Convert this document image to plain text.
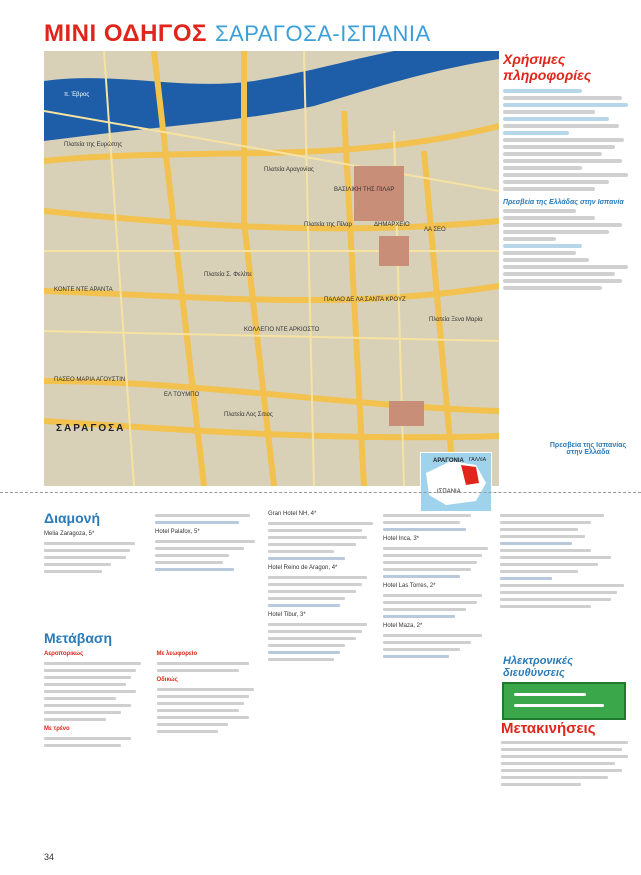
ΜΙΝΙ ΟΔΗΓΟΣ ΣΑΡΑΓΟΣΑ-ΙΣΠΑΝΙΑ
π. Έβρος
Πλατεία της Ευρώπης
Πλατεία Αραγονίας
ΒΑΣΙΛΙΚΗ ΤΗΣ ΠΙΛΑΡ
Πλατεία της Πίλαρ	ΔΗΜΑΡΧΕΙΟ
ΛΑ ΣΕΟ
Πλατεία Σ. Φελίπε
ΠΑΛΑΟ ΔΕ ΛΑ ΣΑΝΤΑ ΚΡΟΥΖ
ΚΟΛΛΕΓΙΟ ΝΤΕ ΑΡΚΙΟΣΤΟ
ΕΛ ΤΟΥΜΠΟ
Πλατεία Λος Σιτιος
Πλατεία Ξενα Μαρία
ΠΑΣΕΟ ΜΑΡΙΑ ΑΓΟΥΣΤΙΝ
ΚΟΝΤΕ ΝΤΕ ΑΡΑΝΤΑ
ΣΑΡΑΓΟΣΑ
Χρήσιμες πληροφορίες
Πρεσβεία της Ελλάδας στην Ισπανία
Πρεσβεία της Ισπανίας στην Ελλάδα
ΑΡΑΓΟΝΙΑ ΓΑΛΛΙΑ
ΙΣΠΑΝΙΑ
Διαμονή
Melia Zaragoza, 5*	Hotel Palafox, 5*
Gran Hotel NH, 4*
Hotel Reino de Aragon, 4*
Hotel Tibur, 3*
Hotel Inca, 3*
Hotel Las Torres, 2*
Hotel Maza, 2*
Μετάβαση
Αεροπορικώς
Με τρένο
Με λεωφορείο
Οδικώς
Ηλεκτρονικές διευθύνσεις
Μετακινήσεις
34
